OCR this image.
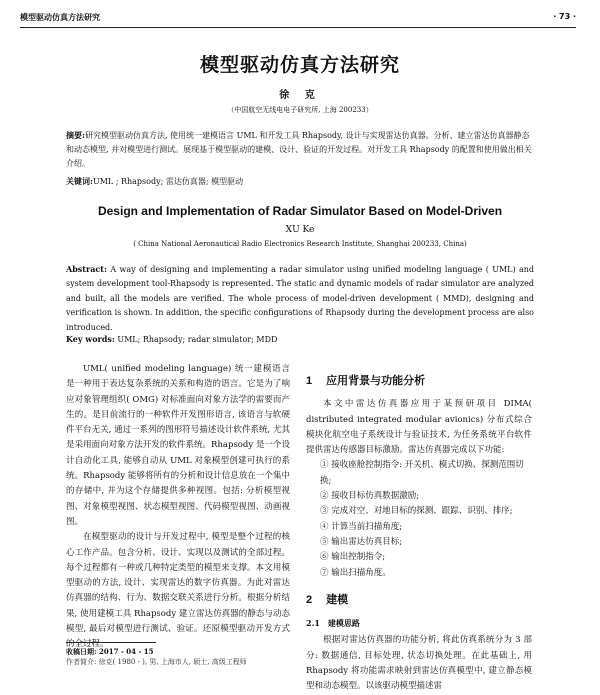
模型驱动仿真方法研究	· 73 ·
模型驱动仿真方法研究
徐 克
（中国航空无线电电子研究所, 上海 200233）
摘要:研究模型驱动仿真方法, 使用统一建模语言 UML 和开发工具 Rhapsody, 设计与实现雷达仿真器。分析、建立雷达仿真器静态和动态模型, 并对模型进行测试。展现基于模型驱动的建模、设计、验证的开发过程。对开发工具 Rhapsody 的配置和使用做出相关介绍。
关键词:UML ; Rhapsody; 雷达仿真器; 模型驱动
Design and Implementation of Radar Simulator Based on Model-Driven
XU Ke
( China National Aeronautical Radio Electronics Research Institute, Shanghai 200233, China)
Abstract: A way of designing and implementing a radar simulator using unified modeling language ( UML) and system development tool-Rhapsody is represented. The static and dynamic models of radar simulator are analyzed and built, all the models are verified. The whole process of model-driven development ( MMD), designing and verification is shown. In addition, the specific configurations of Rhapsody during the development process are also introduced.
Key words: UML; Rhapsody; radar simulator; MDD

UML( unified modeling language) 统一建模语言是一种用于表达复杂系统的关系和构造的语言。它是为了响应对象管理组织( OMG) 对标准面向对象方法学的需要而产生的。是目前流行的一种软件开发图形语言, 该语言与软硬件平台无关, 通过一系列的图形符号描述设计软件系统, 尤其是采用面向对象方法开发的软件系统。Rhapsody 是一个设计自动化工具, 能够自动从 UML 对象模型创建可执行的系统。Rhapsody 能够将所有的分析和设计信息放在一个集中的存储中, 并为这个存储提供多种视图。包括: 分析模型视图、对象模型视图、状态模型视图、代码模型视图、动画视图。

在模型驱动的设计与开发过程中, 模型是整个过程的核心工作产品。包含分析、设计、实现以及测试的全部过程。每个过程都有一种或几种特定类型的模型来支撑。本文用模型驱动的方法, 设计、实现雷达的数字仿真器。为此对雷达仿真器的结构、行为、数据交联关系进行分析。根据分析结果, 使用建模工具 Rhapsody 建立雷达仿真器的静态与动态模型, 最后对模型进行测试、验证。还原模型驱动开发方式的全过程。

1 应用背景与功能分析

本文中雷达仿真器应用于某预研项目 DIMA( distributed integrated modular avionics) 分布式综合模块化航空电子系统设计与验证技术, 为任务系统平台软件提供雷达传感器目标激励。雷达仿真器完成以下功能:

① 接收座舱控制指令: 开关机、模式切换、探测范围切换;

② 接收目标仿真数据激励;

③ 完成对空、对地目标的探测、跟踪、识别、排序;

④ 计算当前扫描角度;

⑤ 输出雷达仿真目标;

⑥ 输出控制指令;

⑦ 输出扫描角度。

2 建模
2.1 建模思路

根据对雷达仿真器的功能分析, 将此仿真系统分为 3 部分: 数据通信, 目标处理, 状态切换处理。在此基础上, 用 Rhapsody 将功能需求映射到雷达仿真模型中, 建立静态模型和动态模型。以该驱动模型描述雷

收稿日期: 2017 - 04 - 15
作者简介: 徐克( 1980 - ), 男, 上海市人, 硕士, 高级工程师
